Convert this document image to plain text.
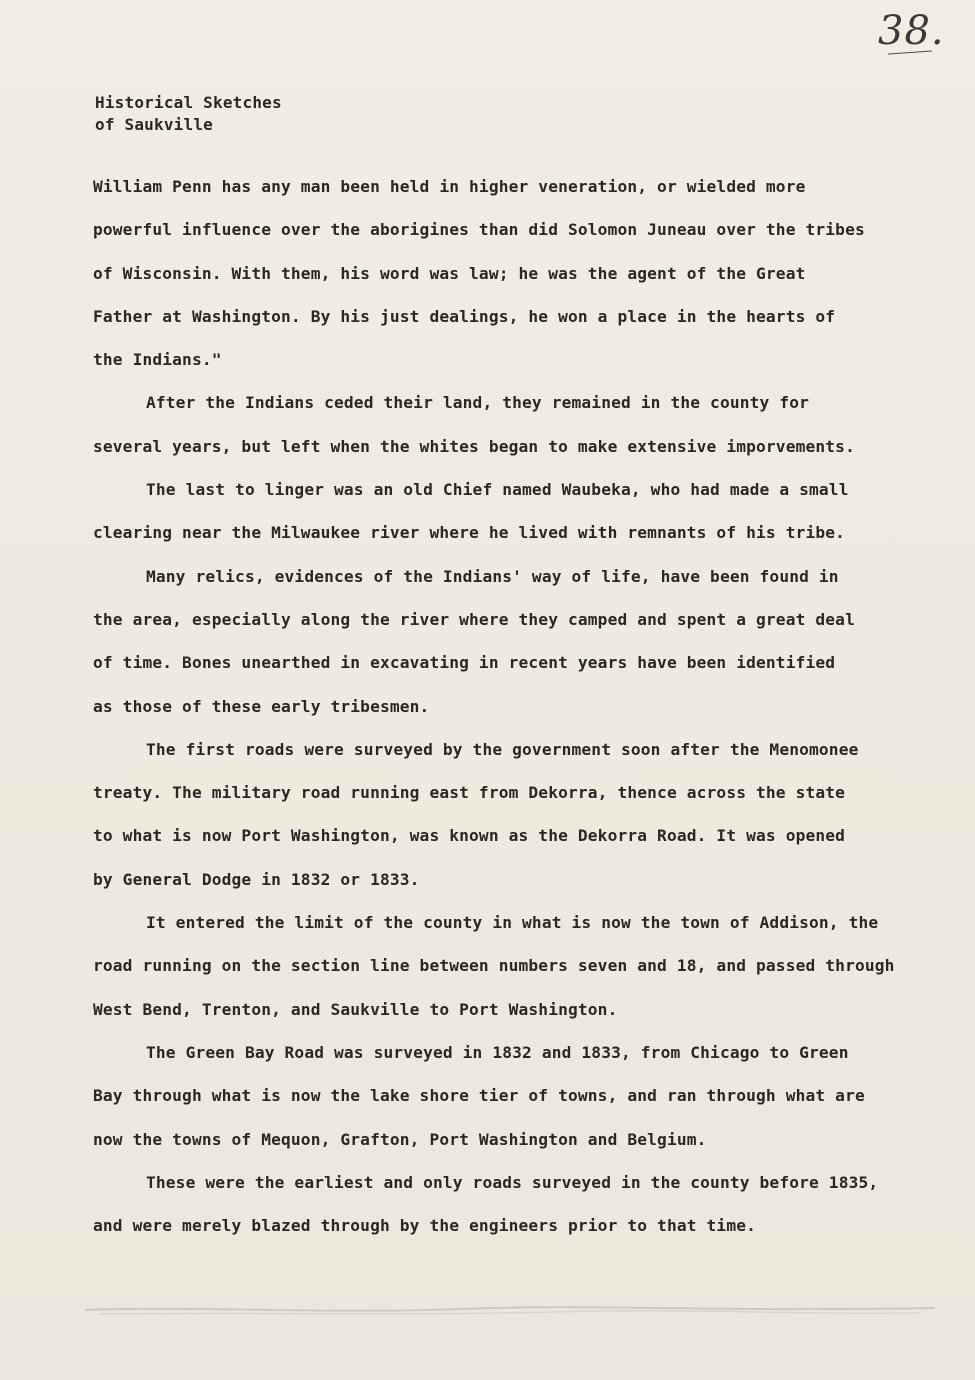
38.
Historical Sketches
of Saukville
William Penn has any man been held in higher veneration, or wielded more
powerful influence over the aborigines than did Solomon Juneau over the tribes
of Wisconsin. With them, his word was law; he was the agent of the Great
Father at Washington. By his just dealings, he won a place in the hearts of
the Indians."
After the Indians ceded their land, they remained in the county for
several years, but left when the whites began to make extensive imporvements.
The last to linger was an old Chief named Waubeka, who had made a small
clearing near the Milwaukee river where he lived with remnants of his tribe.
Many relics, evidences of the Indians' way of life, have been found in
the area, especially along the river where they camped and spent a great deal
of time. Bones unearthed in excavating in recent years have been identified
as those of these early tribesmen.
The first roads were surveyed by the government soon after the Menomonee
treaty. The military road running east from Dekorra, thence across the state
to what is now Port Washington, was known as the Dekorra Road. It was opened
by General Dodge in 1832 or 1833.
It entered the limit of the county in what is now the town of Addison, the
road running on the section line between numbers seven and 18, and passed through
West Bend, Trenton, and Saukville to Port Washington.
The Green Bay Road was surveyed in 1832 and 1833, from Chicago to Green
Bay through what is now the lake shore tier of towns, and ran through what are
now the towns of Mequon, Grafton, Port Washington and Belgium.
These were the earliest and only roads surveyed in the county before 1835,
and were merely blazed through by the engineers prior to that time.
